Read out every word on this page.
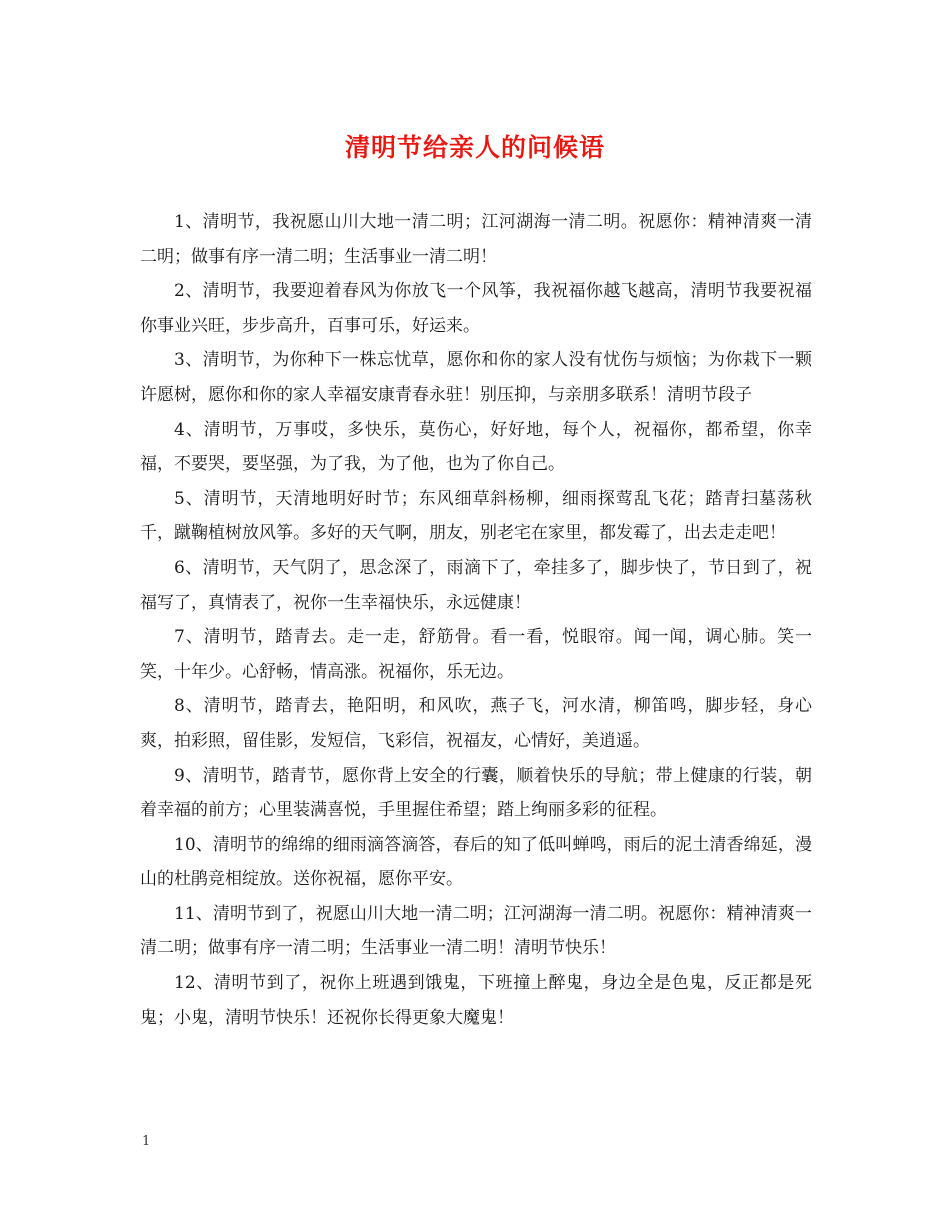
清明节给亲人的问候语

1、清明节，我祝愿山川大地一清二明；江河湖海一清二明。祝愿你：精神清爽一清二明；做事有序一清二明；生活事业一清二明！

2、清明节，我要迎着春风为你放飞一个风筝，我祝福你越飞越高，清明节我要祝福你事业兴旺，步步高升，百事可乐，好运来。

3、清明节，为你种下一株忘忧草，愿你和你的家人没有忧伤与烦恼；为你栽下一颗许愿树，愿你和你的家人幸福安康青春永驻！别压抑，与亲朋多联系！清明节段子

4、清明节，万事哎，多快乐，莫伤心，好好地，每个人，祝福你，都希望，你幸福，不要哭，要坚强，为了我，为了他，也为了你自己。

5、清明节，天清地明好时节；东风细草斜杨柳，细雨探莺乱飞花；踏青扫墓荡秋千，蹴鞠植树放风筝。多好的天气啊，朋友，别老宅在家里，都发霉了，出去走走吧！

6、清明节，天气阴了，思念深了，雨滴下了，牵挂多了，脚步快了，节日到了，祝福写了，真情表了，祝你一生幸福快乐，永远健康！

7、清明节，踏青去。走一走，舒筋骨。看一看，悦眼帘。闻一闻，调心肺。笑一笑，十年少。心舒畅，情高涨。祝福你，乐无边。

8、清明节，踏青去，艳阳明，和风吹，燕子飞，河水清，柳笛鸣，脚步轻，身心爽，拍彩照，留佳影，发短信，飞彩信，祝福友，心情好，美逍遥。

9、清明节，踏青节，愿你背上安全的行囊，顺着快乐的导航；带上健康的行装，朝着幸福的前方；心里装满喜悦，手里握住希望；踏上绚丽多彩的征程。

10、清明节的绵绵的细雨滴答滴答，春后的知了低叫蝉鸣，雨后的泥土清香绵延，漫山的杜鹃竞相绽放。送你祝福，愿你平安。

11、清明节到了，祝愿山川大地一清二明；江河湖海一清二明。祝愿你：精神清爽一清二明；做事有序一清二明；生活事业一清二明！清明节快乐！

12、清明节到了，祝你上班遇到饿鬼，下班撞上醉鬼，身边全是色鬼，反正都是死鬼；小鬼，清明节快乐！还祝你长得更象大魔鬼！

1
